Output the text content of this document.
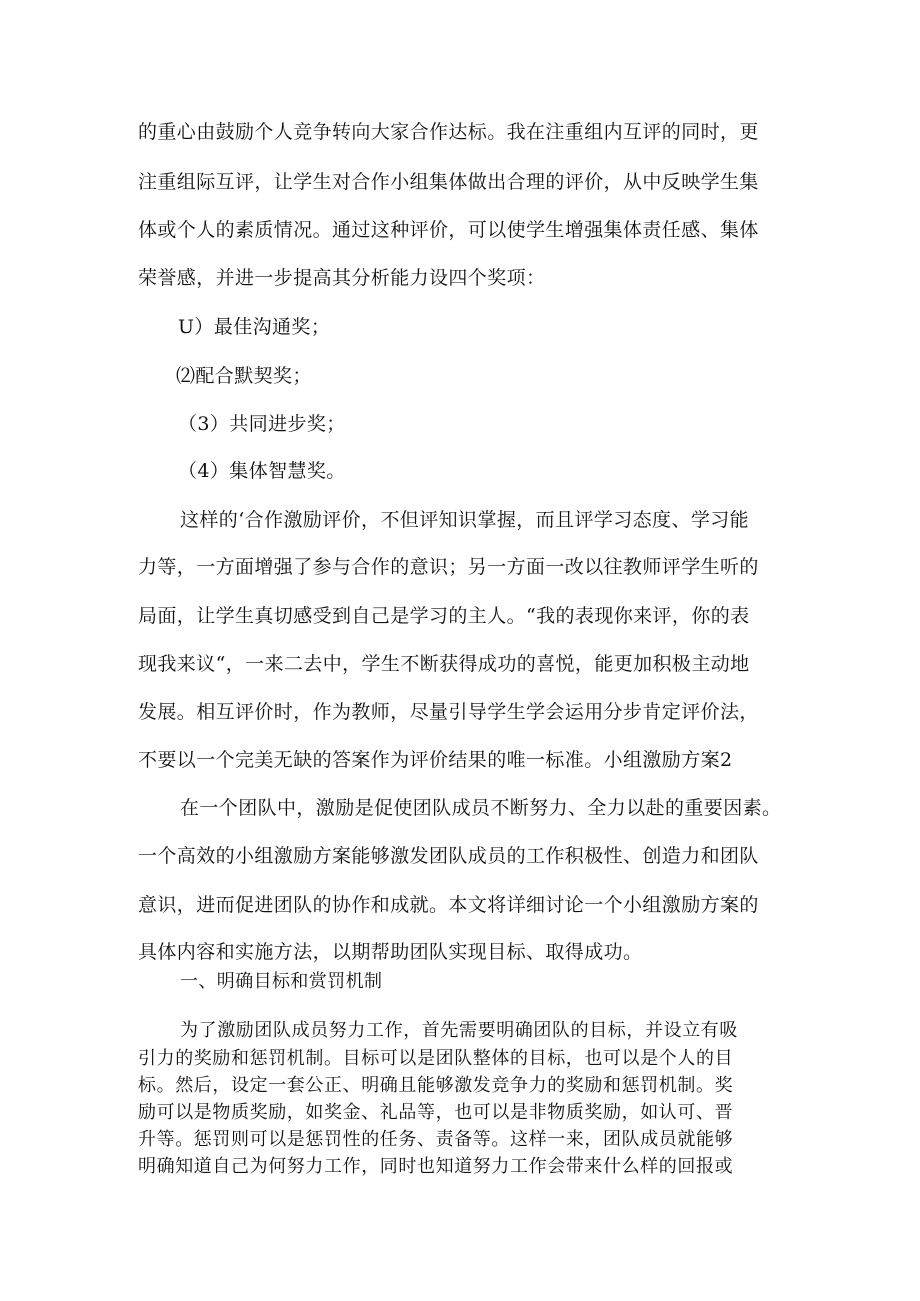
的重心由鼓励个人竞争转向大家合作达标。我在注重组内互评的同时，更

注重组际互评，让学生对合作小组集体做出合理的评价，从中反映学生集

体或个人的素质情况。通过这种评价，可以使学生增强集体责任感、集体

荣誉感，并进一步提高其分析能力设四个奖项：

U）最佳沟通奖；

⑵配合默契奖；

（3）共同进步奖；

（4）集体智慧奖。

这样的‘合作激励评价，不但评知识掌握，而且评学习态度、学习能

力等，一方面增强了参与合作的意识；另一方面一改以往教师评学生听的

局面，让学生真切感受到自己是学习的主人。“我的表现你来评，你的表

现我来议“，一来二去中，学生不断获得成功的喜悦，能更加积极主动地

发展。相互评价时，作为教师，尽量引导学生学会运用分步肯定评价法，

不要以一个完美无缺的答案作为评价结果的唯一标准。小组激励方案2

在一个团队中，激励是促使团队成员不断努力、全力以赴的重要因素。

一个高效的小组激励方案能够激发团队成员的工作积极性、创造力和团队

意识，进而促进团队的协作和成就。本文将详细讨论一个小组激励方案的

具体内容和实施方法，以期帮助团队实现目标、取得成功。

一、明确目标和赏罚机制

为了激励团队成员努力工作，首先需要明确团队的目标，并设立有吸

引力的奖励和惩罚机制。目标可以是团队整体的目标，也可以是个人的目

标。然后，设定一套公正、明确且能够激发竞争力的奖励和惩罚机制。奖

励可以是物质奖励，如奖金、礼品等，也可以是非物质奖励，如认可、晋

升等。惩罚则可以是惩罚性的任务、责备等。这样一来，团队成员就能够

明确知道自己为何努力工作，同时也知道努力工作会带来什么样的回报或
